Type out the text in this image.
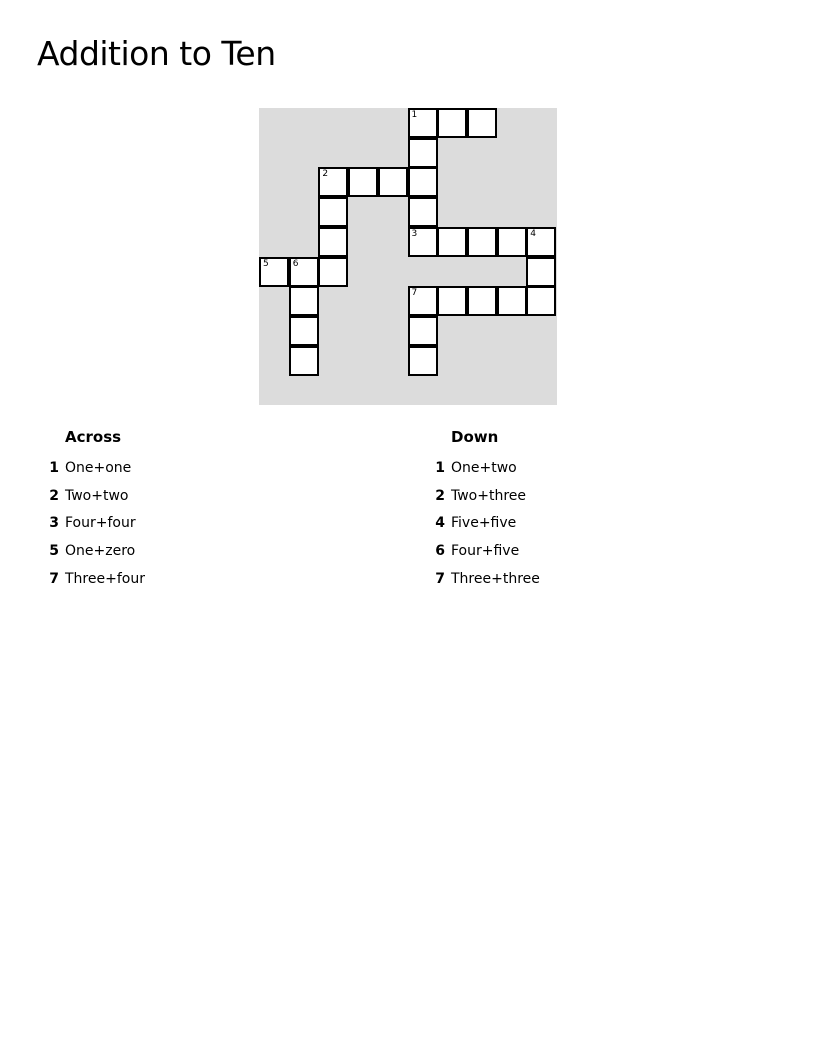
Addition to Ten
1
2
3	4
5	6
7
Across
1 One+one
2 Two+two
3 Four+four
5 One+zero
7 Three+four
Down
1 One+two
2 Two+three
4 Five+five
6 Four+five
7 Three+three
